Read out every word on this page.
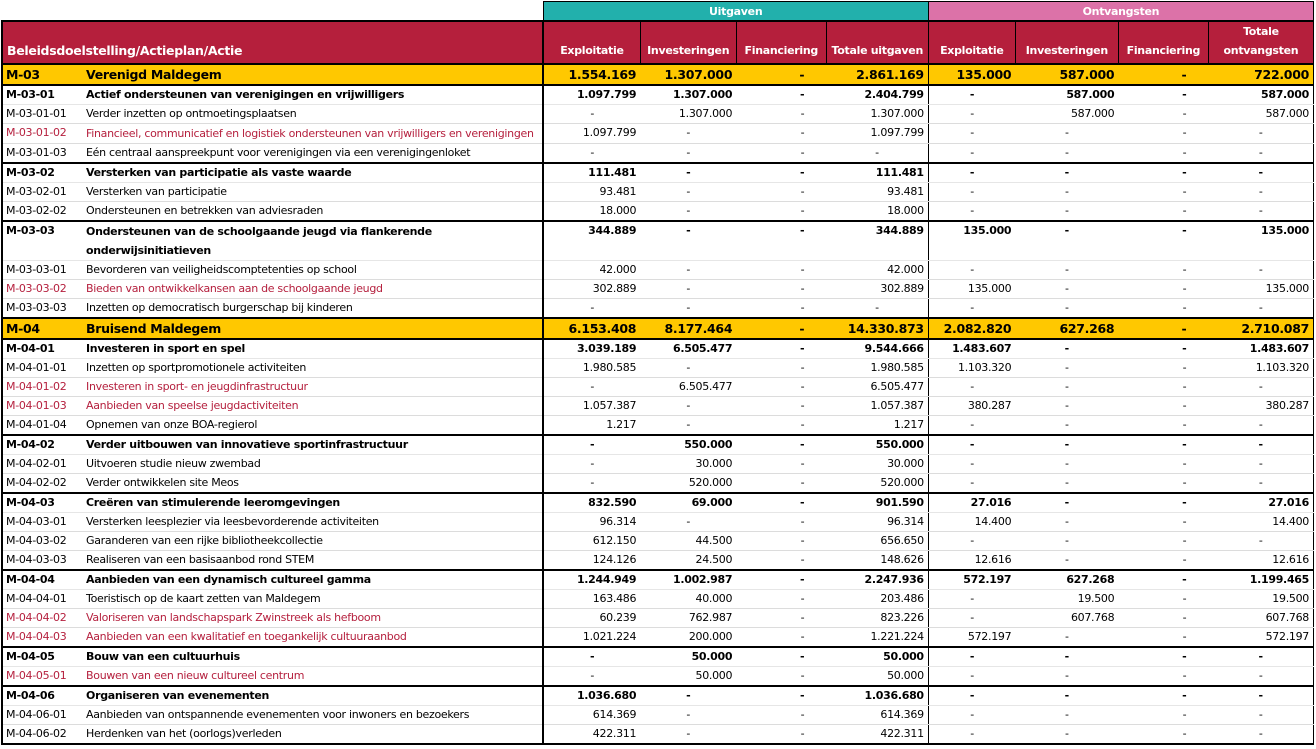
	Uitgaven	Ontvangsten
Beleidsdoelstelling/Actieplan/Actie	Exploitatie	Investeringen	Financiering	Totale uitgaven	Exploitatie	Investeringen	Financiering	Totale ontvangsten
M-03	Verenigd Maldegem	1.554.169	1.307.000	-	2.861.169	135.000	587.000	-	722.000
M-03-01	Actief ondersteunen van verenigingen en vrijwilligers	1.097.799	1.307.000	-	2.404.799	-	587.000	-	587.000
M-03-01-01	Verder inzetten op ontmoetingsplaatsen	-	1.307.000	-	1.307.000	-	587.000	-	587.000
M-03-01-02	Financieel, communicatief en logistiek ondersteunen van vrijwilligers en verenigingen	1.097.799	-	-	1.097.799	-	-	-	-
M-03-01-03	Eén centraal aanspreekpunt voor verenigingen via een verenigingenloket	-	-	-	-	-	-	-	-
M-03-02	Versterken van participatie als vaste waarde	111.481	-	-	111.481	-	-	-	-
M-03-02-01	Versterken van participatie	93.481	-	-	93.481	-	-	-	-
M-03-02-02	Ondersteunen en betrekken van adviesraden	18.000	-	-	18.000	-	-	-	-
M-03-03	Ondersteunen van de schoolgaande jeugd via flankerende onderwijsinitiatieven	344.889	-	-	344.889	135.000	-	-	135.000
M-03-03-01	Bevorderen van veiligheidscomptetenties op school	42.000	-	-	42.000	-	-	-	-
M-03-03-02	Bieden van ontwikkelkansen aan de schoolgaande jeugd	302.889	-	-	302.889	135.000	-	-	135.000
M-03-03-03	Inzetten op democratisch burgerschap bij kinderen	-	-	-	-	-	-	-	-
M-04	Bruisend Maldegem	6.153.408	8.177.464	-	14.330.873	2.082.820	627.268	-	2.710.087
M-04-01	Investeren in sport en spel	3.039.189	6.505.477	-	9.544.666	1.483.607	-	-	1.483.607
M-04-01-01	Inzetten op sportpromotionele activiteiten	1.980.585	-	-	1.980.585	1.103.320	-	-	1.103.320
M-04-01-02	Investeren in sport- en jeugdinfrastructuur	-	6.505.477	-	6.505.477	-	-	-	-
M-04-01-03	Aanbieden van speelse jeugdactiviteiten	1.057.387	-	-	1.057.387	380.287	-	-	380.287
M-04-01-04	Opnemen van onze BOA-regierol	1.217	-	-	1.217	-	-	-	-
M-04-02	Verder uitbouwen van innovatieve sportinfrastructuur	-	550.000	-	550.000	-	-	-	-
M-04-02-01	Uitvoeren studie nieuw zwembad	-	30.000	-	30.000	-	-	-	-
M-04-02-02	Verder ontwikkelen site Meos	-	520.000	-	520.000	-	-	-	-
M-04-03	Creëren van stimulerende leeromgevingen	832.590	69.000	-	901.590	27.016	-	-	27.016
M-04-03-01	Versterken leesplezier via leesbevorderende activiteiten	96.314	-	-	96.314	14.400	-	-	14.400
M-04-03-02	Garanderen van een rijke bibliotheekcollectie	612.150	44.500	-	656.650	-	-	-	-
M-04-03-03	Realiseren van een basisaanbod rond STEM	124.126	24.500	-	148.626	12.616	-	-	12.616
M-04-04	Aanbieden van een dynamisch cultureel gamma	1.244.949	1.002.987	-	2.247.936	572.197	627.268	-	1.199.465
M-04-04-01	Toeristisch op de kaart zetten van Maldegem	163.486	40.000	-	203.486	-	19.500	-	19.500
M-04-04-02	Valoriseren van landschapspark Zwinstreek als hefboom	60.239	762.987	-	823.226	-	607.768	-	607.768
M-04-04-03	Aanbieden van een kwalitatief en toegankelijk cultuuraanbod	1.021.224	200.000	-	1.221.224	572.197	-	-	572.197
M-04-05	Bouw van een cultuurhuis	-	50.000	-	50.000	-	-	-	-
M-04-05-01	Bouwen van een nieuw cultureel centrum	-	50.000	-	50.000	-	-	-	-
M-04-06	Organiseren van evenementen	1.036.680	-	-	1.036.680	-	-	-	-
M-04-06-01	Aanbieden van ontspannende evenementen voor inwoners en bezoekers	614.369	-	-	614.369	-	-	-	-
M-04-06-02	Herdenken van het (oorlogs)verleden	422.311	-	-	422.311	-	-	-	-
